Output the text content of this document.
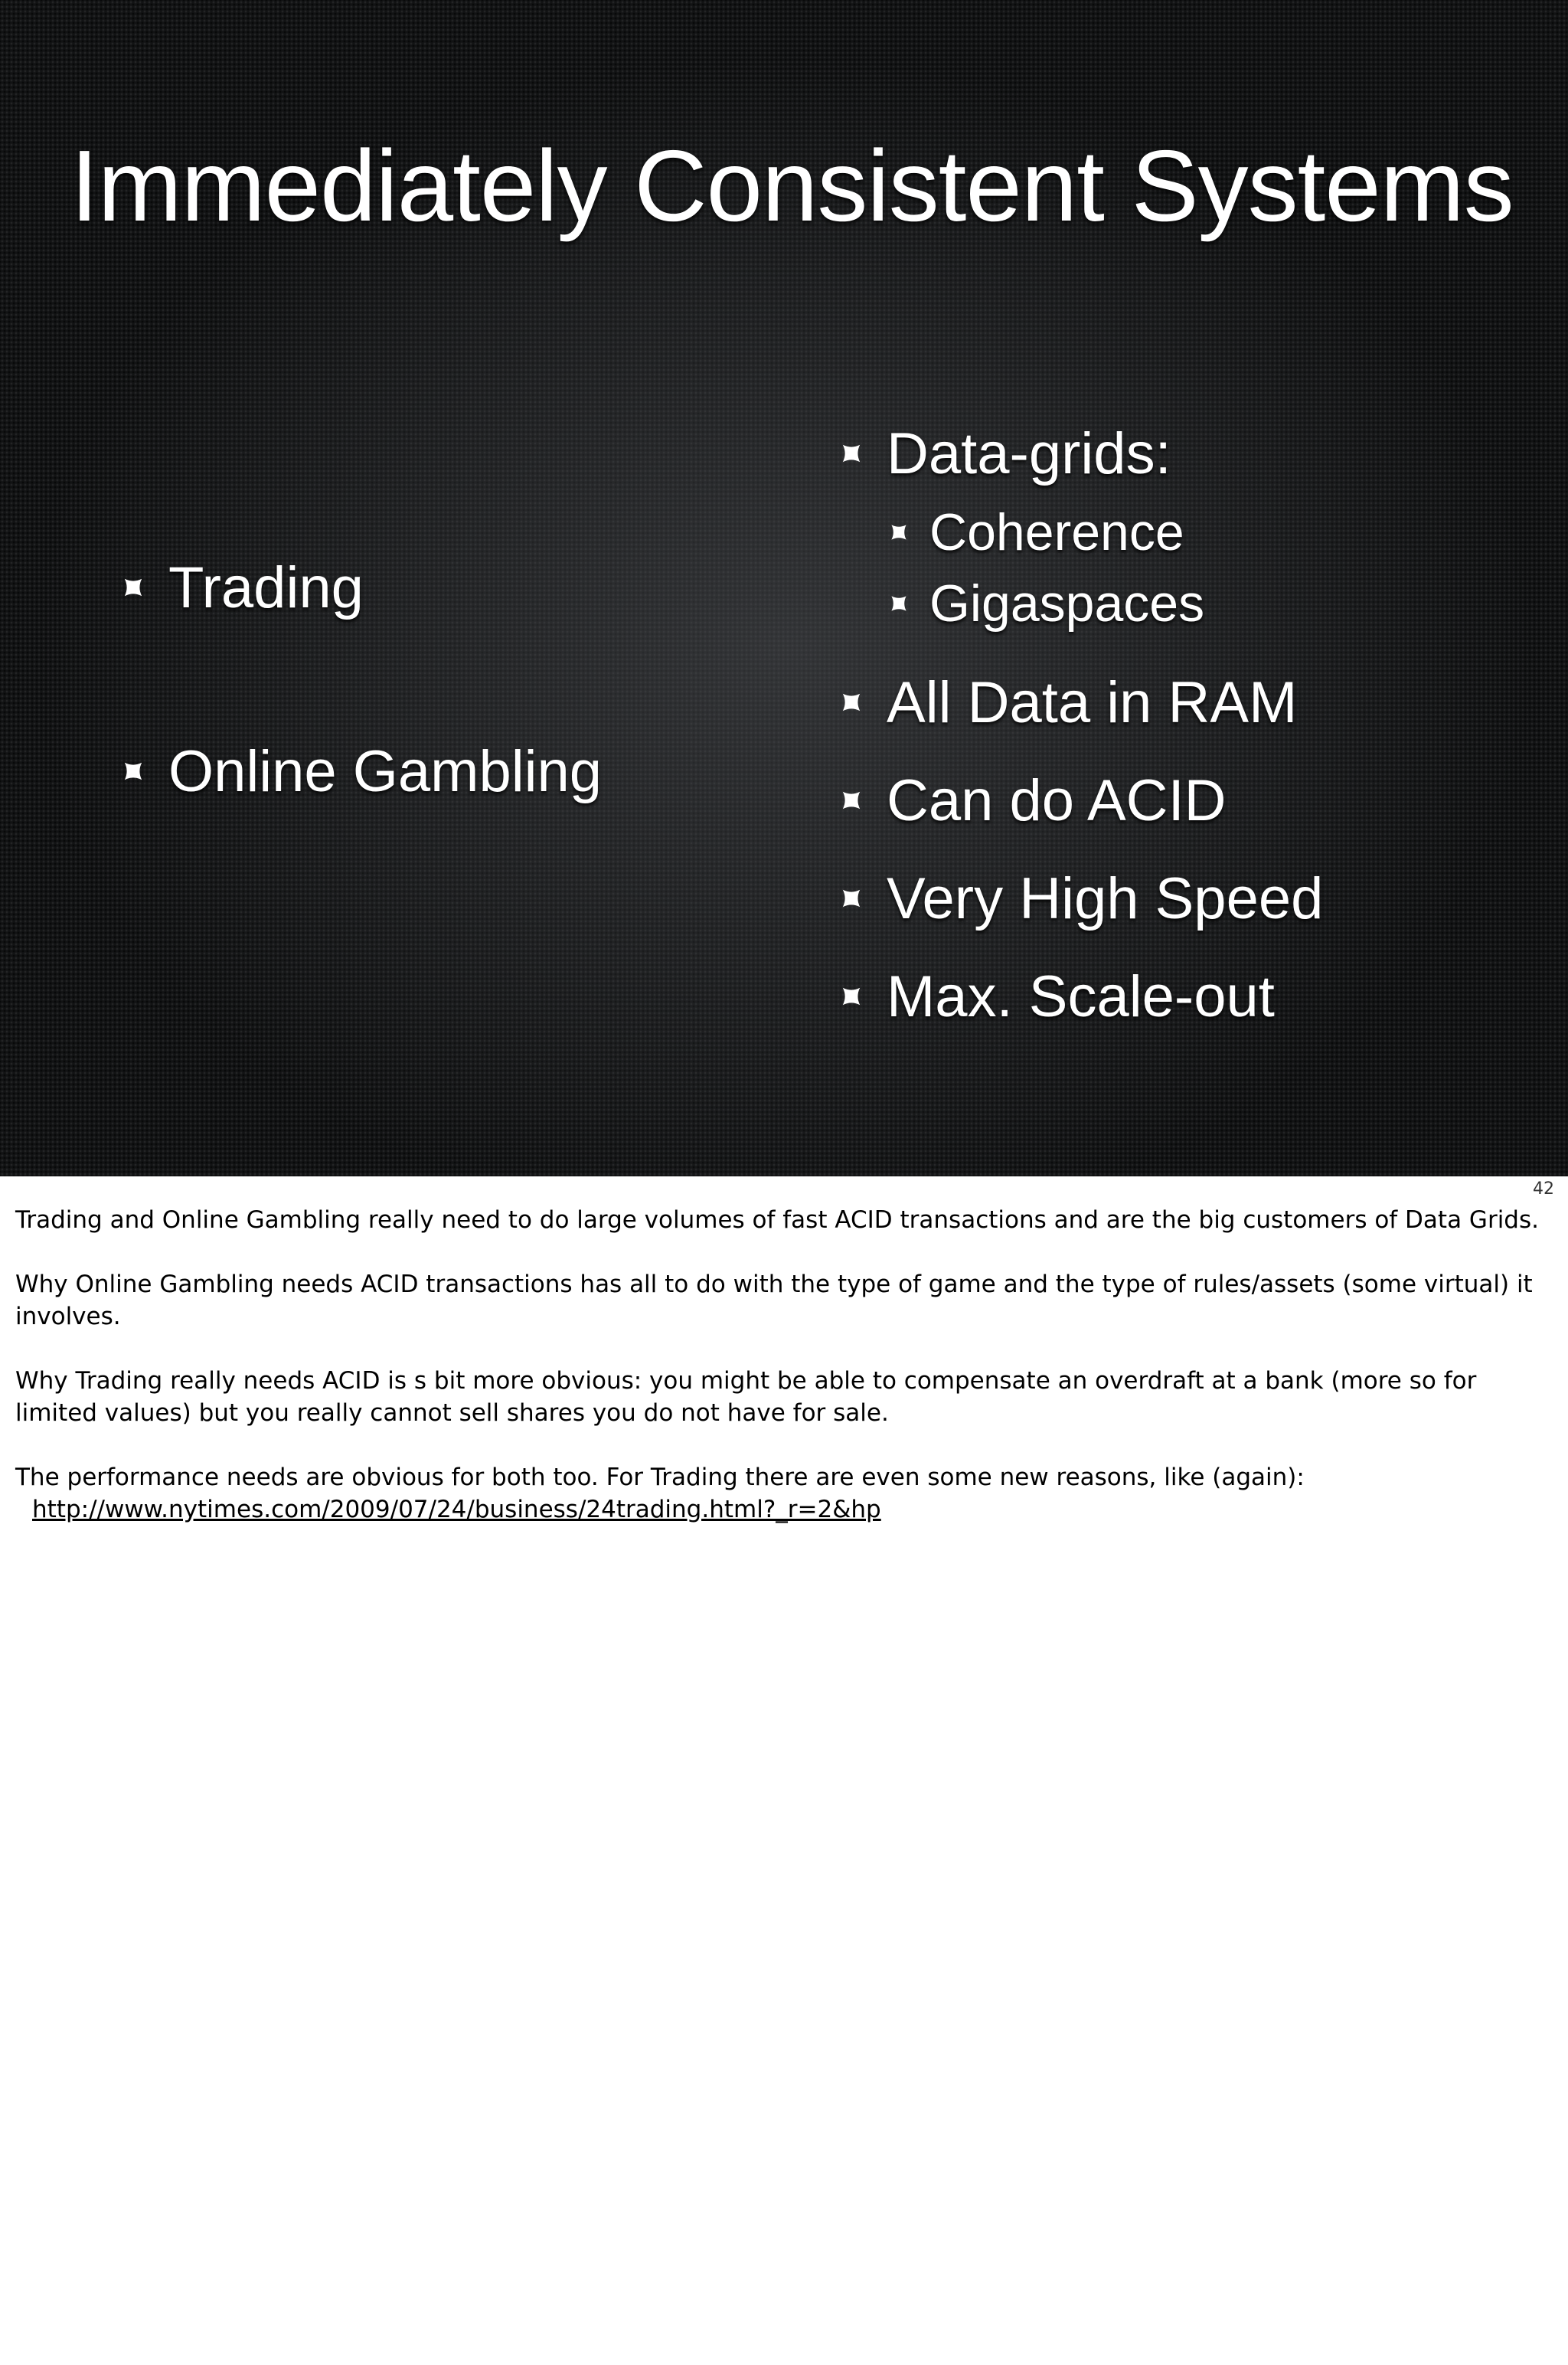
Immediately Consistent Systems
Trading
Online Gambling
Data-grids:
Coherence
Gigaspaces
All Data in RAM
Can do ACID
Very High Speed
Max. Scale-out
42

Trading and Online Gambling really need to do large volumes of fast ACID transactions and are the big customers of Data Grids.

Why Online Gambling needs ACID transactions has all to do with the type of game and the type of rules/assets (some virtual) it involves.

Why Trading really needs ACID is s bit more obvious: you might be able to compensate an overdraft at a bank (more so for limited values) but you really cannot sell shares you do not have for sale.

The performance needs are obvious for both too. For Trading there are even some new reasons, like (again):

http://www.nytimes.com/2009/07/24/business/24trading.html?_r=2&hp
